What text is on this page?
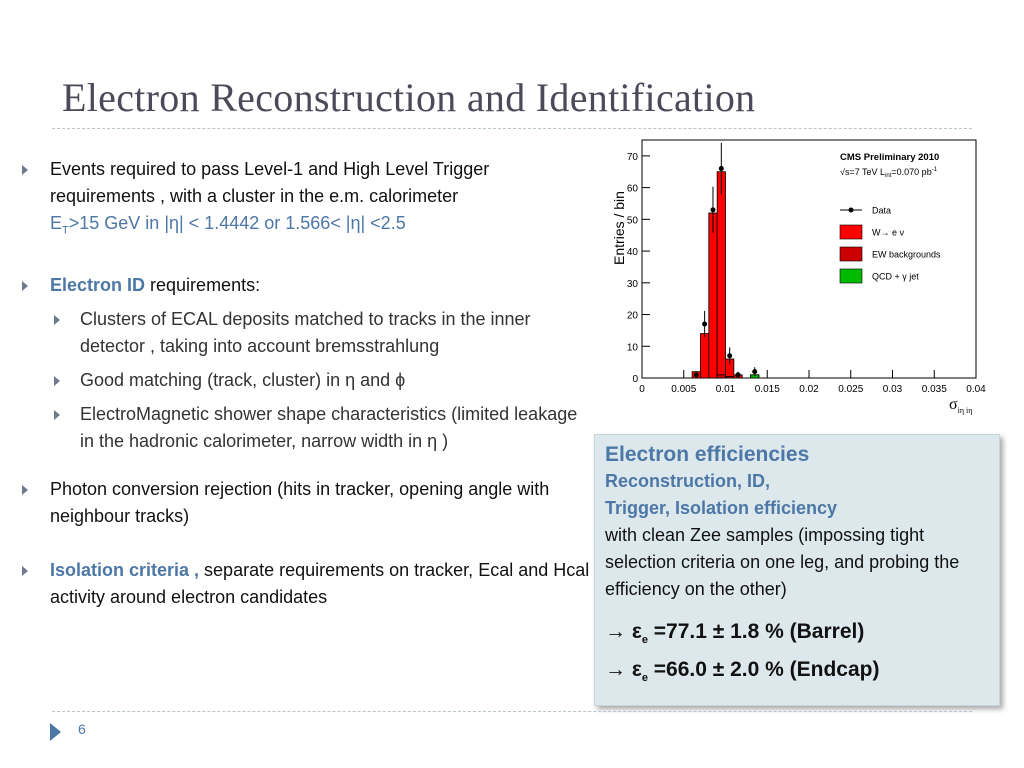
Electron Reconstruction and Identification
Events required to pass Level-1 and High Level Trigger
requirements , with a cluster in the e.m. calorimeter
$E_T>15$ GeV in |η| < 1.4442 or 1.566< |η| <2.5
Electron ID requirements:
Clusters of ECAL deposits matched to tracks in the inner detector , taking into account bremsstrahlung
Good matching (track, cluster) in η and ϕ
ElectroMagnetic shower shape characteristics (limited leakage in the hadronic calorimeter, narrow width in η )
Photon conversion rejection (hits in tracker, opening angle with neighbour tracks)
Isolation criteria , separate requirements on tracker, Ecal and Hcal activity around electron candidates
0	0.005 0.01 0.015 0.02 0.025 0.03 0.035 0.04
0
10
20
30
40
50
60
70
Entries / bin
$\sigma_{i\eta i\eta}$
CMS Preliminary 2010
√s=7 TeV $L_{int}=0.070$ $pb^{-1}$
Data
W→ e ν
EW backgrounds
QCD + γ jet
Electron efficiencies
Reconstruction, ID,
Trigger, Isolation efficiency
with clean Zee samples (impossing tight selection criteria on one leg, and probing the efficiency on the other)
→ $\varepsilon_e =77.1 \pm 1.8$ % (Barrel)
→ $\varepsilon_e =66.0 \pm 2.0$ % (Endcap)
6
